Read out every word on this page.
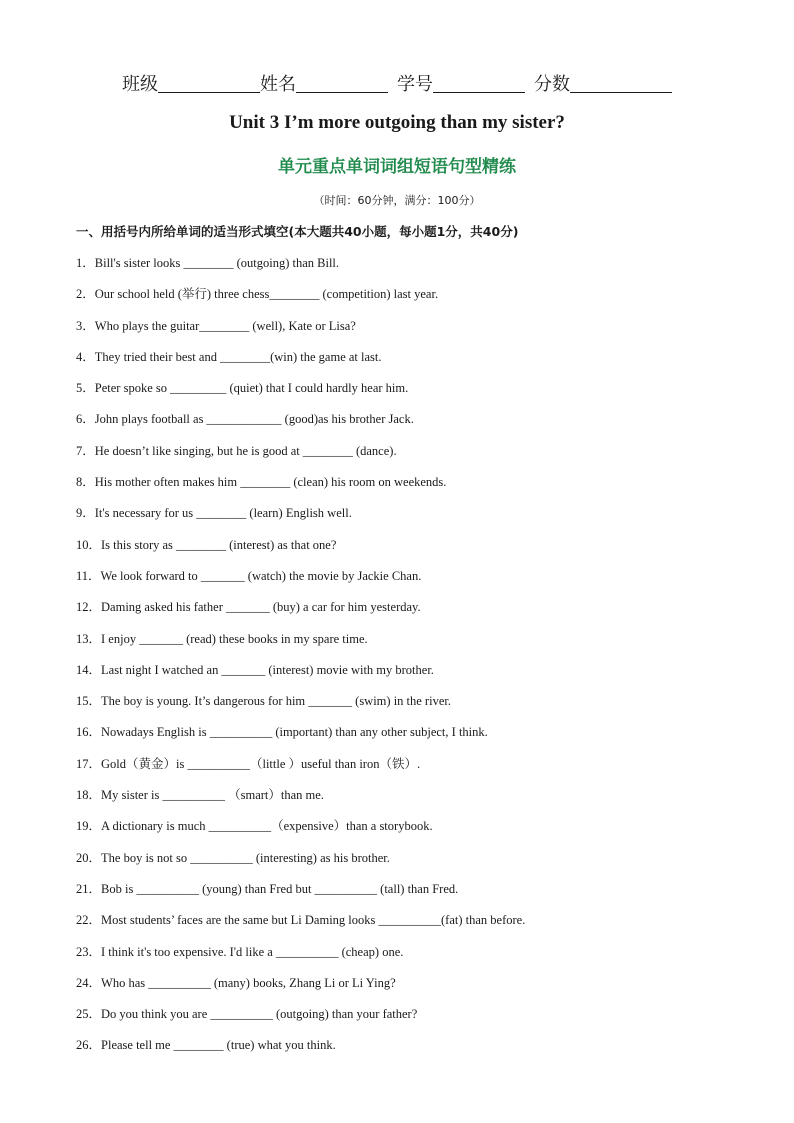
班级	姓名	学号	分数
Unit 3 I’m more outgoing than my sister?
单元重点单词词组短语句型精练
（时间：60分钟，满分：100分）
一、用括号内所给单词的适当形式填空(本大题共40小题，每小题1分，共40分)
1．Bill's sister looks ________ (outgoing) than Bill.
2．Our school held (举行) three chess________ (competition) last year.
3．Who plays the guitar________ (well), Kate or Lisa?
4．They tried their best and ________(win) the game at last.
5．Peter spoke so _________ (quiet) that I could hardly hear him.
6．John plays football as ____________ (good)as his brother Jack.
7．He doesn’t like singing, but he is good at ________ (dance).
8．His mother often makes him ________ (clean) his room on weekends.
9．It's necessary for us ________ (learn) English well.
10．Is this story as ________ (interest) as that one?
11．We look forward to _______ (watch) the movie by Jackie Chan.
12．Daming asked his father _______ (buy) a car for him yesterday.
13．I enjoy _______ (read) these books in my spare time.
14．Last night I watched an _______ (interest) movie with my brother.
15．The boy is young. It’s dangerous for him _______ (swim) in the river.
16．Nowadays English is __________ (important) than any other subject, I think.
17．Gold（黄金）is __________（little ）useful than iron（铁）.
18．My sister is __________ （smart）than me.
19．A dictionary is much __________（expensive）than a storybook.
20．The boy is not so __________ (interesting) as his brother.
21．Bob is __________ (young) than Fred but __________ (tall) than Fred.
22．Most students’ faces are the same but Li Daming looks __________(fat) than before.
23．I think it's too expensive. I'd like a __________ (cheap) one.
24．Who has __________ (many) books, Zhang Li or Li Ying?
25．Do you think you are __________ (outgoing) than your father?
26．Please tell me ________ (true) what you think.
